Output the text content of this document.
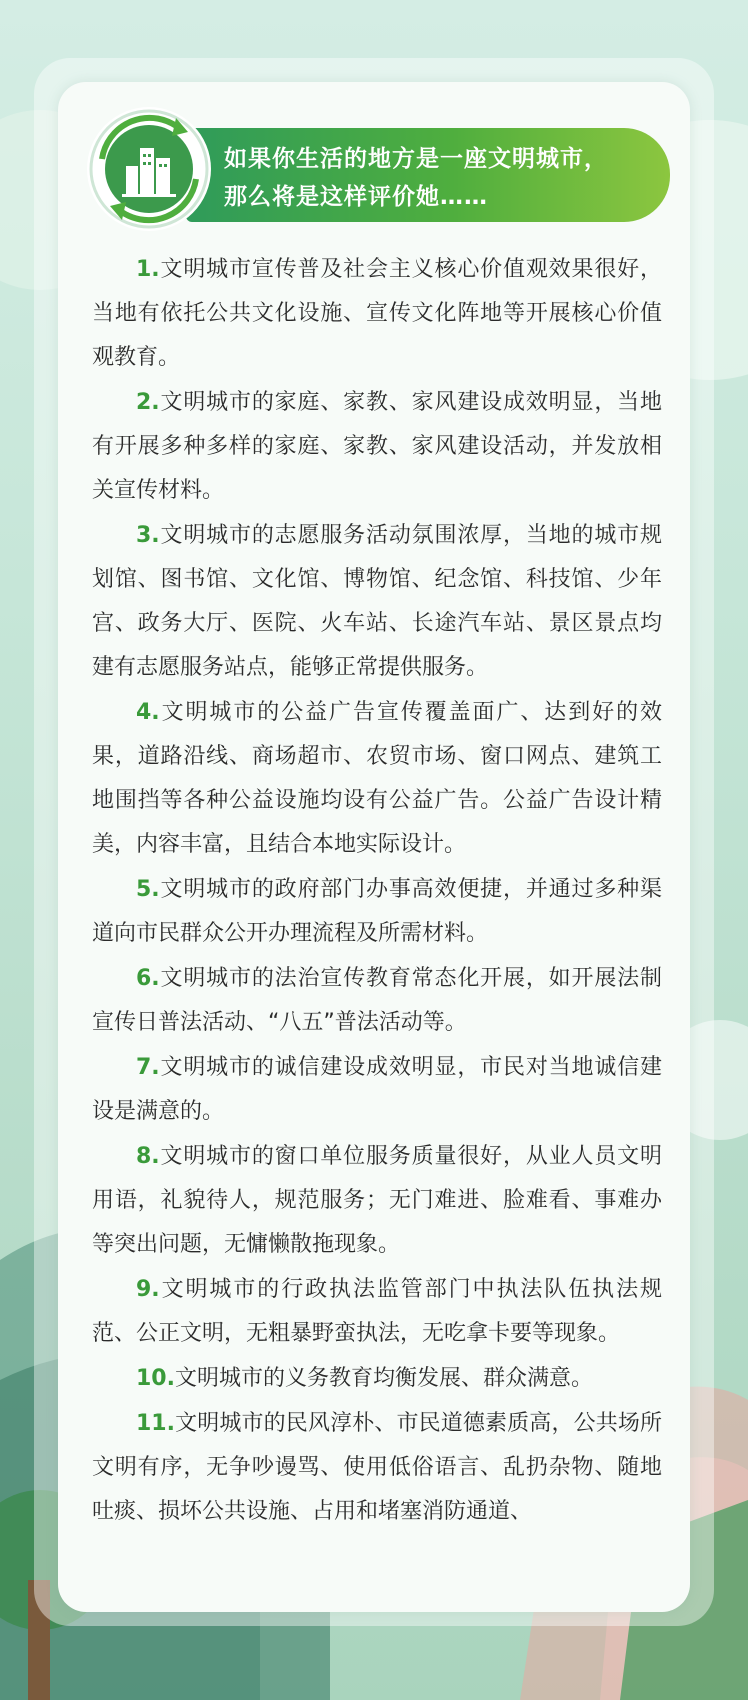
如果你生活的地方是一座文明城市，
那么将是这样评价她……

1.文明城市宣传普及社会主义核心价值观效果很好，当地有依托公共文化设施、宣传文化阵地等开展核心价值观教育。

2.文明城市的家庭、家教、家风建设成效明显，当地有开展多种多样的家庭、家教、家风建设活动，并发放相关宣传材料。

3.文明城市的志愿服务活动氛围浓厚，当地的城市规划馆、图书馆、文化馆、博物馆、纪念馆、科技馆、少年宫、政务大厅、医院、火车站、长途汽车站、景区景点均建有志愿服务站点，能够正常提供服务。

4.文明城市的公益广告宣传覆盖面广、达到好的效果，道路沿线、商场超市、农贸市场、窗口网点、建筑工地围挡等各种公益设施均设有公益广告。公益广告设计精美，内容丰富，且结合本地实际设计。

5.文明城市的政府部门办事高效便捷，并通过多种渠道向市民群众公开办理流程及所需材料。

6.文明城市的法治宣传教育常态化开展，如开展法制宣传日普法活动、“八五”普法活动等。

7.文明城市的诚信建设成效明显，市民对当地诚信建设是满意的。

8.文明城市的窗口单位服务质量很好，从业人员文明用语，礼貌待人，规范服务；无门难进、脸难看、事难办等突出问题，无慵懒散拖现象。

9.文明城市的行政执法监管部门中执法队伍执法规范、公正文明，无粗暴野蛮执法，无吃拿卡要等现象。

10.文明城市的义务教育均衡发展、群众满意。

11.文明城市的民风淳朴、市民道德素质高，公共场所文明有序，无争吵谩骂、使用低俗语言、乱扔杂物、随地吐痰、损坏公共设施、占用和堵塞消防通道、
